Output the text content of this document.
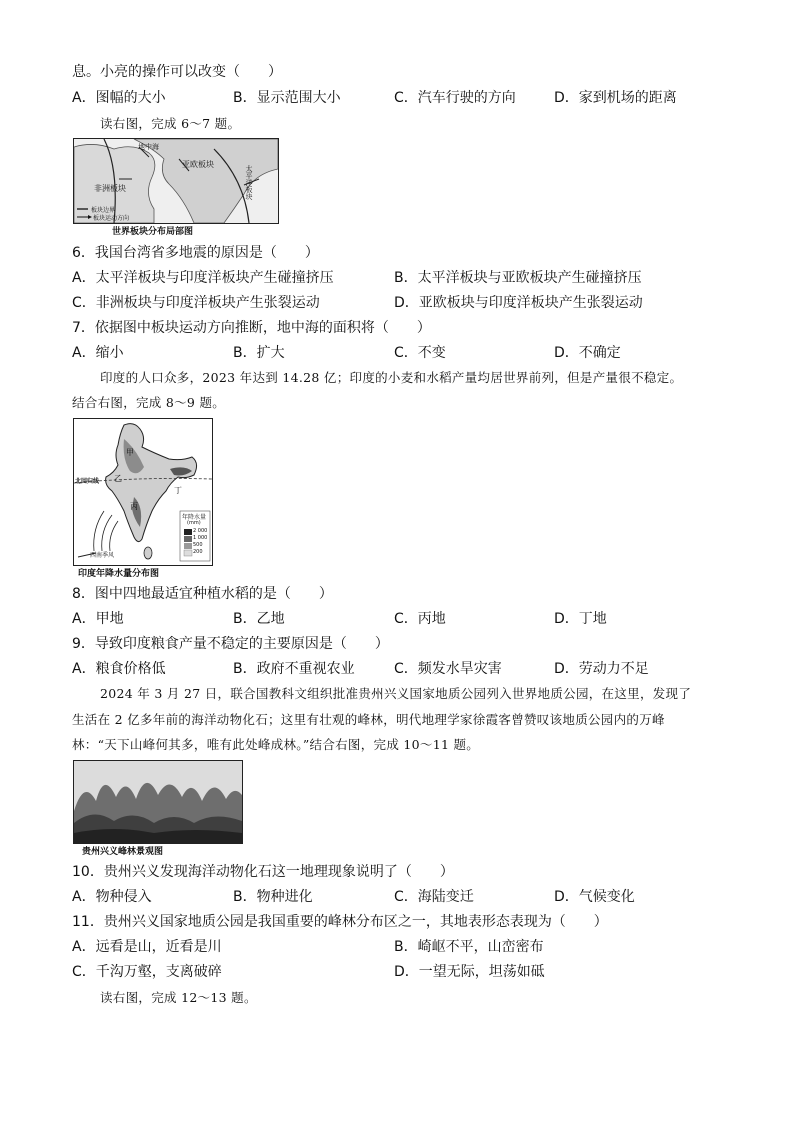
息。小亮的操作可以改变（　　）
A．图幅的大小	B．显示范围大小	C．汽车行驶的方向	D．家到机场的距离
读右图，完成 6～7 题。
地中海
亚欧板块
非洲板块	太平洋板块
板块边界
板块运动方向
世界板块分布局部图
6．我国台湾省多地震的原因是（　　）
A．太平洋板块与印度洋板块产生碰撞挤压	B．太平洋板块与亚欧板块产生碰撞挤压
C．非洲板块与印度洋板块产生张裂运动	D．亚欧板块与印度洋板块产生张裂运动
7．依据图中板块运动方向推断，地中海的面积将（　　）
A．缩小	B．扩大	C．不变	D．不确定
印度的人口众多，2023 年达到 14.28 亿；印度的小麦和水稻产量均居世界前列，但是产量很不稳定。
结合右图，完成 8～9 题。
甲
乙
丙
丁
北回归线
西南季风
年降水量
(mm)
2 000
1 000
500
200
印度年降水量分布图
8．图中四地最适宜种植水稻的是（　　）
A．甲地	B．乙地	C．丙地	D．丁地
9．导致印度粮食产量不稳定的主要原因是（　　）
A．粮食价格低	B．政府不重视农业	C．频发水旱灾害	D．劳动力不足
2024 年 3 月 27 日，联合国教科文组织批准贵州兴义国家地质公园列入世界地质公园，在这里，发现了
生活在 2 亿多年前的海洋动物化石；这里有壮观的峰林，明代地理学家徐霞客曾赞叹该地质公园内的万峰
林：“天下山峰何其多，唯有此处峰成林。”结合右图，完成 10～11 题。
贵州兴义峰林景观图
10．贵州兴义发现海洋动物化石这一地理现象说明了（　　）
A．物种侵入	B．物种进化	C．海陆变迁	D．气候变化
11．贵州兴义国家地质公园是我国重要的峰林分布区之一，其地表形态表现为（　　）
A．远看是山，近看是川	B．崎岖不平，山峦密布
C．千沟万壑，支离破碎	D．一望无际，坦荡如砥
读右图，完成 12～13 题。
